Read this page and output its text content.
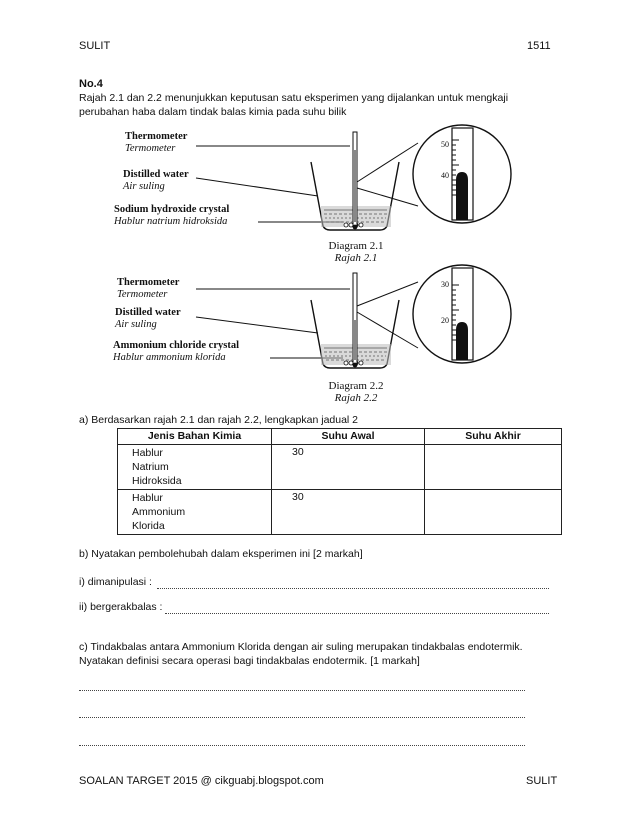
SULIT	1511
No.4
Rajah 2.1 dan 2.2 menunjukkan keputusan satu eksperimen yang dijalankan untuk mengkaji
perubahan haba dalam tindak balas kimia pada suhu bilik
50
40
Thermometer
Termometer
Distilled water
Air suling
Sodium hydroxide crystal
Hablur natrium hidroksida
Diagram 2.1
Rajah 2.1
30
20
Thermometer
Termometer
Distilled water
Air suling
Ammonium chloride crystal
Hablur ammonium klorida
Diagram 2.2
Rajah 2.2
a) Berdasarkan rajah 2.1 dan rajah 2.2, lengkapkan jadual 2
Jenis Bahan Kimia	Suhu Awal	Suhu Akhir

Hablur
Natrium
Hidroksida	30	

Hablur
Ammonium
Klorida	30	
b) Nyatakan pembolehubah dalam eksperimen ini [2 markah]
i) dimanipulasi :
ii) bergerakbalas :
c) Tindakbalas antara Ammonium Klorida dengan air suling merupakan tindakbalas endotermik.
Nyatakan definisi secara operasi bagi tindakbalas endotermik. [1 markah]
SOALAN TARGET 2015 @ cikguabj.blogspot.com	SULIT
